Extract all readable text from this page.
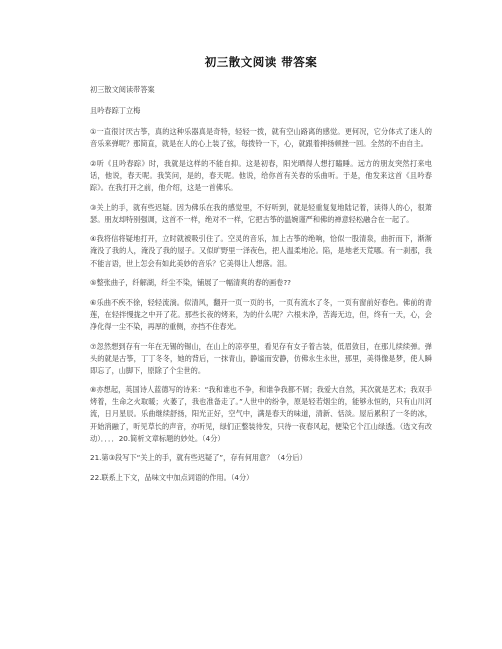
初三散文阅读 带答案

初三散文阅读带答案

且吟春踪丁立梅

①一直很讨厌古筝，真的这种乐器真是奇特，轻轻一拨，就有空山路离的感觉。更何况，它分体式了迷人的音乐来弹呢？那简直，就是在人的心上装了弦，每拨铃一下，心，就跟着抻扬顿挫一回。全然的不由自主。

②听《且吟春踪》时，我就是这样的不能自抑。这是初春，阳光晒得人想打瞌睡。远方的朋友突然打来电话，他说，春天呢。我笑问，是的，春天呢。他说，给你首有关春的乐曲听。于是，他发来这首《且吟春踪》。在我打开之前，他介绍，这是一首佛乐。

③关上的手，就有些迟疑。因为佛乐在我的感觉里，不好听到，就是轻重复复地陆记着，读得人的心，很萧瑟。朋友却特别强调，这首不一样，绝对不一样，它把古筝的温婉谨严和佛的禅意轻松融合在一起了。

④我将信将疑地打开，立时就被吸引住了。空灵的音乐，加上古筝的绝响，恰似一股清泉，曲折而下，渐渐淹没了我的人，淹没了我的屋子。又似旷野里一泽夜色，把人温柔地沦。陷，是地老天荒哪。有一刹那，我不能言语，世上怎会有如此美妙的音乐？它美得让人想落。泪。

⑤整张曲子，纤解湖，纤尘不染，铺展了一幅清爽的春的画卷??

⑥乐曲不疾不徐，轻轻流淌。似清风，翻开一页一页的书，一页有流水了冬，一页有窗前好春色。佛前的青莲，在轻拌慢拢之中开了花。那些长夜的烤来，为的什么呢？六根未净，苦海无边，但，终有一天，心，会净化得一尘不染，再厚的重侧，亦挡不住春光。

⑦忽然想到存有一年在无锡的锡山，在山上的凉亭里，看见存有女子着古装，低眉敛目，在那儿续续弹。弹头的就是古筝，丁丁冬冬，她的背后，一抹青山，静谧而安静，仿佛永生永世，那里，美得像是梦，使人瞬即忘了，山脚下，原除了个尘世的。

⑧亦想起，英国诗人蓝德写的诗来：“我和谁也不争，和谁争我都不屑；我爱大自然，其次就是艺术；我双手烤着，生命之火取暖；火萎了，我也准备走了。”人世中的纷争，原是轻若烟尘的，能够永恒的，只有山川河流，日月星辰。乐曲继续舒扬，阳光正好，空气中，满是春天的味道，清新、恬淡。屋后累积了一冬的冰，开始消融了，听见草长的声音，亦听见，绿们正整装待发，只待一夜春风起，便染它个江山绿透。（选文有改动）．．．．20.简析文章标题的妙处。（4分）

21.第③段写下“关上的手，就有些迟疑了”，存有何用意？（4分后）

22.联系上下文，品味文中加点词语的作用。（4分）
